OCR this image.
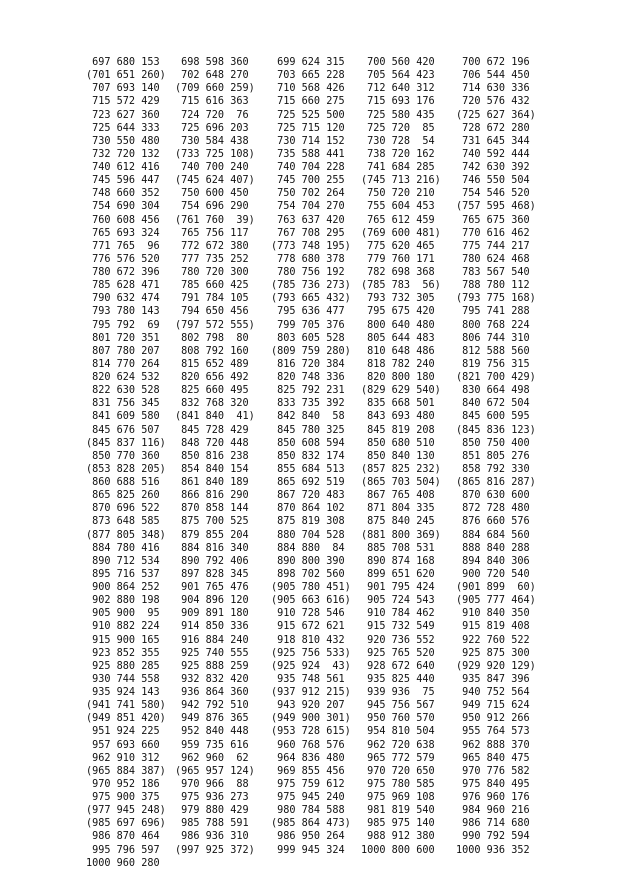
697 680 153	698 598 360	699 624 315	700 560 420	700 672 196
(701 651 260) 702 648 270	703 665 228	705 564 423	706 544 450
707 693 140	(709 660 259)	710 568 426	712 640 312	714 630 336
715 572 429	715 616 363	715 660 275	715 693 176	720 576 432
723 627 360	724 720  76	725 525 500	725 580 435	(725 627 364)
725 644 333	725 696 203	725 715 120	725 720  85	728 672 280
730 550 480	730 584 438	730 714 152	730 728  54	731 645 344
732 720 132	(733 725 108)	735 588 441	738 720 162	740 592 444
740 612 416	740 700 240	740 704 228	741 684 285	742 630 392
745 596 447	(745 624 407)	745 700 255	(745 713 216)	746 550 504
748 660 352	750 600 450	750 702 264	750 720 210	754 546 520
754 690 304	754 696 290	754 704 270	755 604 453	(757 595 468)
760 608 456	(761 760  39)	763 637 420	765 612 459	765 675 360
765 693 324	765 756 117	767 708 295	(769 600 481)	770 616 462
771 765  96	772 672 380	(773 748 195)	775 620 465	775 744 217
776 576 520	777 735 252	778 680 378	779 760 171	780 624 468
780 672 396	780 720 300	780 756 192	782 698 368	783 567 540
785 628 471	785 660 425	(785 736 273)	(785 783  56)	788 780 112
790 632 474	791 784 105	(793 665 432)	793 732 305	(793 775 168)
793 780 143	794 650 456	795 636 477	795 675 420	795 741 288
795 792  69	(797 572 555)	799 705 376	800 640 480	800 768 224
801 720 351	802 798  80	803 605 528	805 644 483	806 744 310
807 780 207	808 792 160	(809 759 280)	810 648 486	812 588 560
814 770 264	815 652 489	816 720 384	818 782 240	819 756 315
820 624 532	820 656 492	820 748 336	820 800 180	(821 700 429)
822 630 528	825 660 495	825 792 231	(829 629 540)	830 664 498
831 756 345	832 768 320	833 735 392	835 668 501	840 672 504
841 609 580	(841 840  41)	842 840  58	843 693 480	845 600 595
845 676 507	845 728 429	845 780 325	845 819 208	(845 836 123)
(845 837 116) 848 720 448	850 608 594	850 680 510	850 750 400
850 770 360	850 816 238	850 832 174	850 840 130	851 805 276
(853 828 205) 854 840 154	855 684 513	(857 825 232)	858 792 330
860 688 516	861 840 189	865 692 519	(865 703 504)	(865 816 287)
865 825 260	866 816 290	867 720 483	867 765 408	870 630 600
870 696 522	870 858 144	870 864 102	871 804 335	872 728 480
873 648 585	875 700 525	875 819 308	875 840 245	876 660 576
(877 805 348) 879 855 204	880 704 528	(881 800 369)	884 684 560
884 780 416	884 816 340	884 880  84	885 708 531	888 840 288
890 712 534	890 792 406	890 800 390	890 874 168	894 840 306
895 716 537	897 828 345	898 702 560	899 651 620	900 720 540
900 864 252	901 765 476	(905 780 451)	901 795 424	(901 899  60)
902 880 198	904 896 120	(905 663 616)	905 724 543	(905 777 464)
905 900  95	909 891 180	910 728 546	910 784 462	910 840 350
910 882 224	914 850 336	915 672 621	915 732 549	915 819 408
915 900 165	916 884 240	918 810 432	920 736 552	922 760 522
923 852 355	925 740 555	(925 756 533)	925 765 520	925 875 300
925 880 285	925 888 259	(925 924  43)	928 672 640	(929 920 129)
930 744 558	932 832 420	935 748 561	935 825 440	935 847 396
935 924 143	936 864 360	(937 912 215)	939 936  75	940 752 564
(941 741 580) 942 792 510	943 920 207	945 756 567	949 715 624
(949 851 420) 949 876 365	(949 900 301)	950 760 570	950 912 266
951 924 225	952 840 448	(953 728 615)	954 810 504	955 764 573
957 693 660	959 735 616	960 768 576	962 720 638	962 888 370
962 910 312	962 960  62	964 836 480	965 772 579	965 840 475
(965 884 387) (965 957 124)	969 855 456	970 720 650	970 776 582
970 952 186	970 966  88	975 759 612	975 780 585	975 840 495
975 900 375	975 936 273	975 945 240	975 969 108	976 960 176
(977 945 248) 979 880 429	980 784 588	981 819 540	984 960 216
(985 697 696) 985 788 591	(985 864 473)	985 975 140	986 714 680
986 870 464	986 936 310	986 950 264	988 912 380	990 792 594
995 796 597	(997 925 372)	999 945 324	1000 800 600	1000 936 352
1000 960 280
